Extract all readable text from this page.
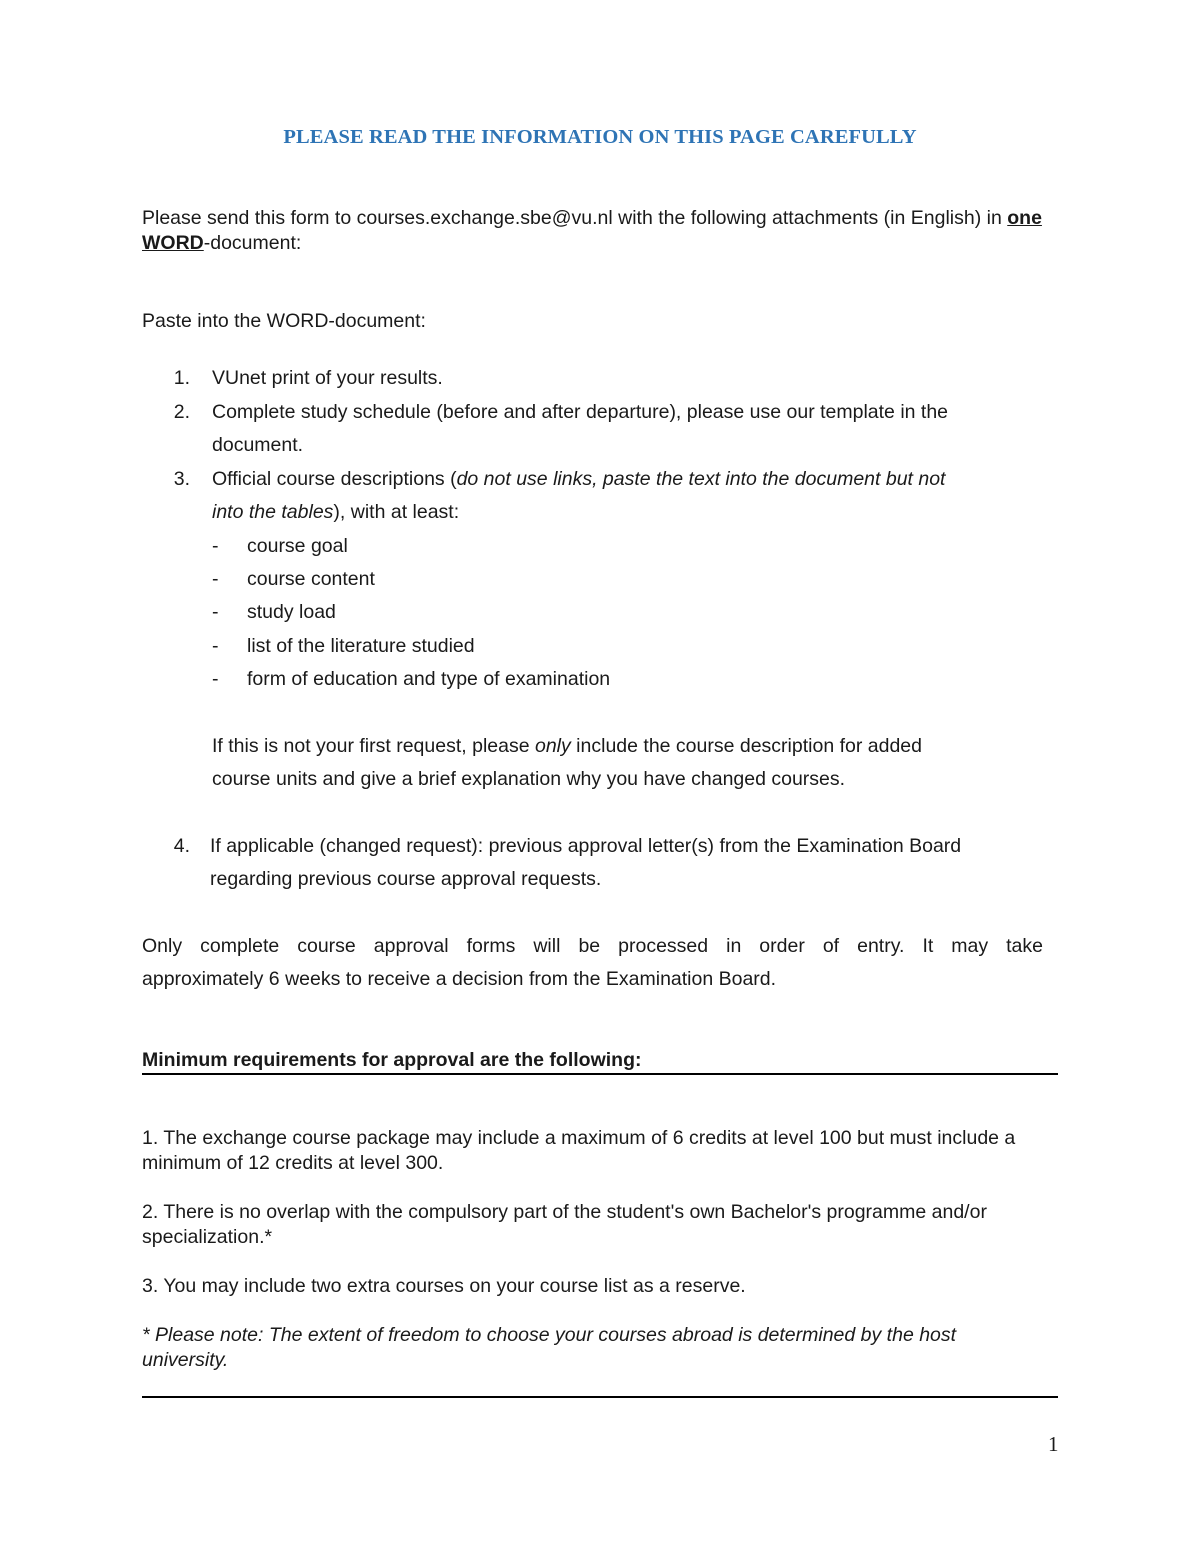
PLEASE READ THE INFORMATION ON THIS PAGE CAREFULLY

Please send this form to courses.exchange.sbe@vu.nl with the following attachments (in English) in one WORD-document:

Paste into the WORD-document:

1. VUnet print of your results.
2. Complete study schedule (before and after departure), please use our template in the
document.
3. Official course descriptions (do not use links, paste the text into the document but not
into the tables), with at least:
- course goal
- course content
- study load
- list of the literature studied
- form of education and type of examination
If this is not your first request, please only include the course description for added
course units and give a brief explanation why you have changed courses.
4. If applicable (changed request): previous approval letter(s) from the Examination Board
regarding previous course approval requests.
Only complete course approval forms will be processed in order of entry. It may take
approximately 6 weeks to receive a decision from the Examination Board.
Minimum requirements for approval are the following:

1. The exchange course package may include a maximum of 6 credits at level 100 but must include a minimum of 12 credits at level 300.

2. There is no overlap with the compulsory part of the student's own Bachelor's programme and/or specialization.*

3. You may include two extra courses on your course list as a reserve.

* Please note: The extent of freedom to choose your courses abroad is determined by the host university.

1
